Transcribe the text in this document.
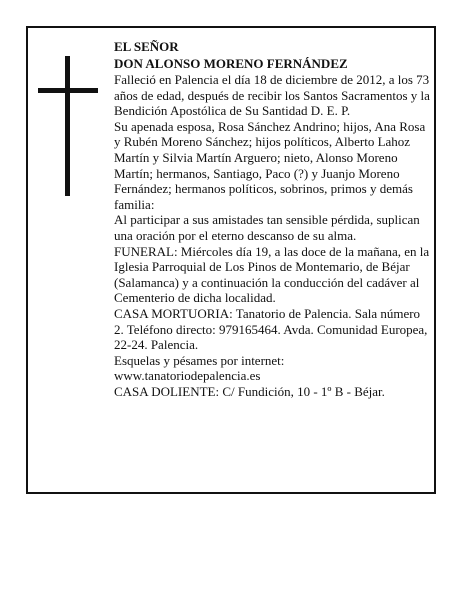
EL SEÑOR

DON ALONSO MORENO FERNÁNDEZ

Falleció en Palencia el día 18 de diciembre de 2012, a los 73 años de edad, después de recibir los Santos Sacramentos y la Bendición Apostólica de Su Santidad D. E. P.

Su apenada esposa, Rosa Sánchez Andrino; hijos, Ana Rosa y Rubén Moreno Sánchez; hijos políticos, Alberto Lahoz Martín y Silvia Martín Arguero; nieto, Alonso Moreno Martín; hermanos, Santiago, Paco (?) y Juanjo Moreno Fernández; hermanos políticos, sobrinos, primos y demás familia:

Al participar a sus amistades tan sensible pérdida, suplican una oración por el eterno descanso de su alma.

FUNERAL: Miércoles día 19, a las doce de la mañana, en la Iglesia Parroquial de Los Pinos de Montemario, de Béjar (Salamanca) y a continuación la conducción del cadáver al Cementerio de dicha localidad.

CASA MORTUORIA: Tanatorio de Palencia. Sala número 2. Teléfono directo: 979165464. Avda. Comunidad Europea, 22-24. Palencia.

Esquelas y pésames por internet: www.tanatoriodepalencia.es

CASA DOLIENTE: C/ Fundición, 10 - 1º B - Béjar.
